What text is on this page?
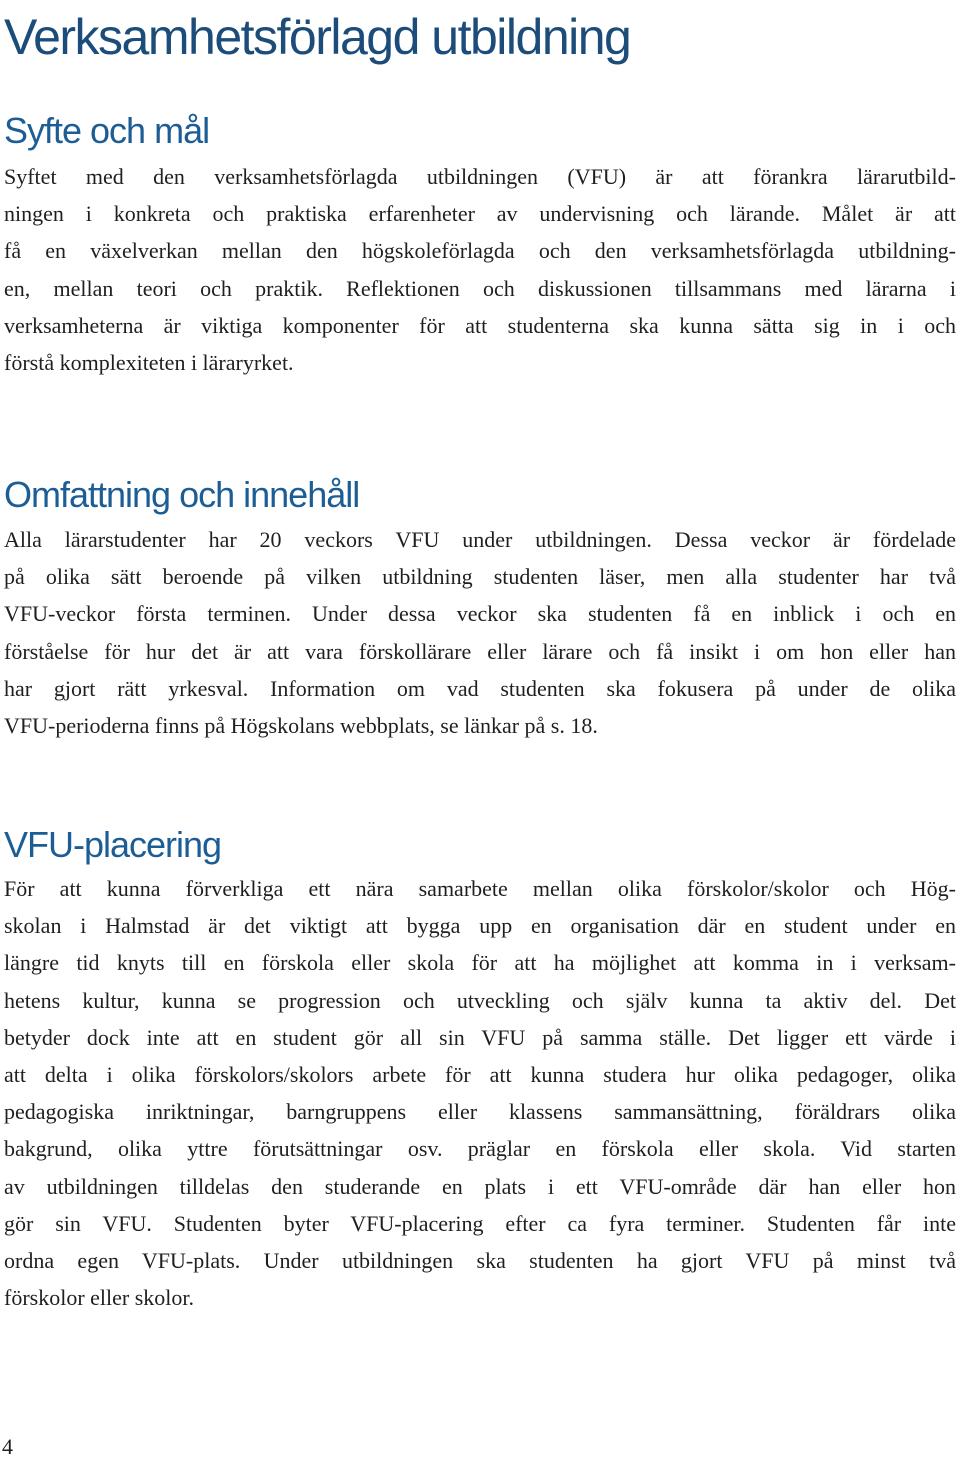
Verksamhetsförlagd utbildning
Syfte och mål
Syftet med den verksamhetsförlagda utbildningen (VFU) är att förankra lärarutbild-
ningen i konkreta och praktiska erfarenheter av undervisning och lärande. Målet är att
få en växelverkan mellan den högskoleförlagda och den verksamhetsförlagda utbildning-
en, mellan teori och praktik. Reflektionen och diskussionen tillsammans med lärarna i
verksamheterna är viktiga komponenter för att studenterna ska kunna sätta sig in i och
förstå komplexiteten i läraryrket.
Omfattning och innehåll
Alla lärarstudenter har 20 veckors VFU under utbildningen. Dessa veckor är fördelade
på olika sätt beroende på vilken utbildning studenten läser, men alla studenter har två
VFU-veckor första terminen. Under dessa veckor ska studenten få en inblick i och en
förståelse för hur det är att vara förskollärare eller lärare och få insikt i om hon eller han
har gjort rätt yrkesval. Information om vad studenten ska fokusera på under de olika
VFU-perioderna finns på Högskolans webbplats, se länkar på s. 18.
VFU-placering
För att kunna förverkliga ett nära samarbete mellan olika förskolor/skolor och Hög-
skolan i Halmstad är det viktigt att bygga upp en organisation där en student under en
längre tid knyts till en förskola eller skola för att ha möjlighet att komma in i verksam-
hetens kultur, kunna se progression och utveckling och själv kunna ta aktiv del. Det
betyder dock inte att en student gör all sin VFU på samma ställe. Det ligger ett värde i
att delta i olika förskolors/skolors arbete för att kunna studera hur olika pedagoger, olika
pedagogiska inriktningar, barngruppens eller klassens sammansättning, föräldrars olika
bakgrund, olika yttre förutsättningar osv. präglar en förskola eller skola. Vid starten
av utbildningen tilldelas den studerande en plats i ett VFU-område där han eller hon
gör sin VFU. Studenten byter VFU-placering efter ca fyra terminer. Studenten får inte
ordna egen VFU-plats. Under utbildningen ska studenten ha gjort VFU på minst två
förskolor eller skolor.
4
